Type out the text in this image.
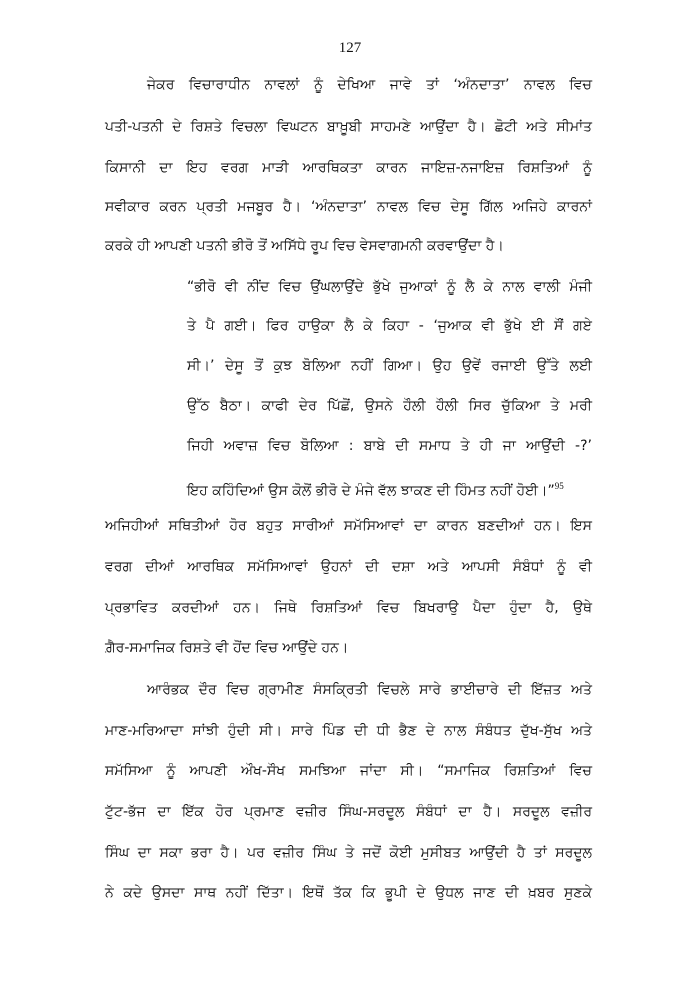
127
ਜੇਕਰ ਵਿਚਾਰਾਧੀਨ ਨਾਵਲਾਂ ਨੂੰ ਦੇਖਿਆ ਜਾਵੇ ਤਾਂ ‘ਅੰਨਦਾਤਾ’ ਨਾਵਲ ਵਿਚ
ਪਤੀ-ਪਤਨੀ ਦੇ ਰਿਸ਼ਤੇ ਵਿਚਲਾ ਵਿਘਟਨ ਬਾਖ਼ੂਬੀ ਸਾਹਮਣੇ ਆਉਂਦਾ ਹੈ। ਛੋਟੀ ਅਤੇ ਸੀਮਾਂਤ
ਕਿਸਾਨੀ ਦਾ ਇਹ ਵਰਗ ਮਾੜੀ ਆਰਥਿਕਤਾ ਕਾਰਨ ਜਾਇਜ਼-ਨਜਾਇਜ਼ ਰਿਸ਼ਤਿਆਂ ਨੂੰ
ਸਵੀਕਾਰ ਕਰਨ ਪ੍ਰਤੀ ਮਜਬੂਰ ਹੈ। ‘ਅੰਨਦਾਤਾ’ ਨਾਵਲ ਵਿਚ ਦੇਸੂ ਗਿੱਲ ਅਜਿਹੇ ਕਾਰਨਾਂ
ਕਰਕੇ ਹੀ ਆਪਣੀ ਪਤਨੀ ਭੀਰੋ ਤੋਂ ਅਸਿੱਧੇ ਰੂਪ ਵਿਚ ਵੇਸਵਾਗਮਨੀ ਕਰਵਾਉਂਦਾ ਹੈ।
“ਭੀਰੋ ਵੀ ਨੀਂਦ ਵਿਚ ਉਂਘਲਾਉਂਦੇ ਭੁੱਖੇ ਜੁਆਕਾਂ ਨੂੰ ਲੈ ਕੇ ਨਾਲ ਵਾਲੀ ਮੰਜੀ
ਤੇ ਪੈ ਗਈ। ਫਿਰ ਹਾਉਕਾ ਲੈ ਕੇ ਕਿਹਾ - ‘ਜੁਆਕ ਵੀ ਭੁੱਖੇ ਈ ਸੌਂ ਗਏ
ਸੀ।’ ਦੇਸੂ ਤੋਂ ਕੁਝ ਬੋਲਿਆ ਨਹੀਂ ਗਿਆ। ਉਹ ਉਵੇਂ ਰਜਾਈ ਉੱਤੇ ਲਈ
ਉੱਠ ਬੈਠਾ। ਕਾਫੀ ਦੇਰ ਪਿੱਛੋਂ, ਉਸਨੇ ਹੌਲੀ ਹੌਲੀ ਸਿਰ ਚੁੱਕਿਆ ਤੇ ਮਰੀ
ਜਿਹੀ ਅਵਾਜ਼ ਵਿਚ ਬੋਲਿਆ : ਬਾਬੇ ਦੀ ਸਮਾਧ ਤੇ ਹੀ ਜਾ ਆਉਂਦੀ -?’
ਇਹ ਕਹਿੰਦਿਆਂ ਉਸ ਕੋਲੋਂ ਭੀਰੋ ਦੇ ਮੰਜੇ ਵੱਲ ਝਾਕਣ ਦੀ ਹਿੰਮਤ ਨਹੀਂ ਹੋਈ।”$^{95}$
ਅਜਿਹੀਆਂ ਸਥਿਤੀਆਂ ਹੋਰ ਬਹੁਤ ਸਾਰੀਆਂ ਸਮੱਸਿਆਵਾਂ ਦਾ ਕਾਰਨ ਬਣਦੀਆਂ ਹਨ। ਇਸ
ਵਰਗ ਦੀਆਂ ਆਰਥਿਕ ਸਮੱਸਿਆਵਾਂ ਉਹਨਾਂ ਦੀ ਦਸ਼ਾ ਅਤੇ ਆਪਸੀ ਸੰਬੰਧਾਂ ਨੂੰ ਵੀ
ਪ੍ਰਭਾਵਿਤ ਕਰਦੀਆਂ ਹਨ। ਜਿਥੇ ਰਿਸ਼ਤਿਆਂ ਵਿਚ ਬਿਖਰਾਉ ਪੈਦਾ ਹੁੰਦਾ ਹੈ, ਉਥੇ
ਗ਼ੈਰ-ਸਮਾਜਿਕ ਰਿਸ਼ਤੇ ਵੀ ਹੋਂਦ ਵਿਚ ਆਉਂਦੇ ਹਨ।
ਆਰੰਭਕ ਦੌਰ ਵਿਚ ਗ੍ਰਾਮੀਣ ਸੰਸਕ੍ਰਿਤੀ ਵਿਚਲੇ ਸਾਰੇ ਭਾਈਚਾਰੇ ਦੀ ਇੱਜ਼ਤ ਅਤੇ
ਮਾਣ-ਮਰਿਆਦਾ ਸਾਂਝੀ ਹੁੰਦੀ ਸੀ। ਸਾਰੇ ਪਿੰਡ ਦੀ ਧੀ ਭੈਣ ਦੇ ਨਾਲ ਸੰਬੰਧਤ ਦੁੱਖ-ਸੁੱਖ ਅਤੇ
ਸਮੱਸਿਆ ਨੂੰ ਆਪਣੀ ਔਖ-ਸੌਖ ਸਮਝਿਆ ਜਾਂਦਾ ਸੀ। “ਸਮਾਜਿਕ ਰਿਸ਼ਤਿਆਂ ਵਿਚ
ਟੁੱਟ-ਭੱਜ ਦਾ ਇੱਕ ਹੋਰ ਪ੍ਰਮਾਣ ਵਜ਼ੀਰ ਸਿੰਘ-ਸਰਦੂਲ ਸੰਬੰਧਾਂ ਦਾ ਹੈ। ਸਰਦੂਲ ਵਜ਼ੀਰ
ਸਿੰਘ ਦਾ ਸਕਾ ਭਰਾ ਹੈ। ਪਰ ਵਜ਼ੀਰ ਸਿੰਘ ਤੇ ਜਦੋਂ ਕੋਈ ਮੁਸੀਬਤ ਆਉਂਦੀ ਹੈ ਤਾਂ ਸਰਦੂਲ
ਨੇ ਕਦੇ ਉਸਦਾ ਸਾਥ ਨਹੀਂ ਦਿੱਤਾ। ਇਥੋਂ ਤੱਕ ਕਿ ਭੂਪੀ ਦੇ ਉਧਲ ਜਾਣ ਦੀ ਖ਼ਬਰ ਸੁਣਕੇ
